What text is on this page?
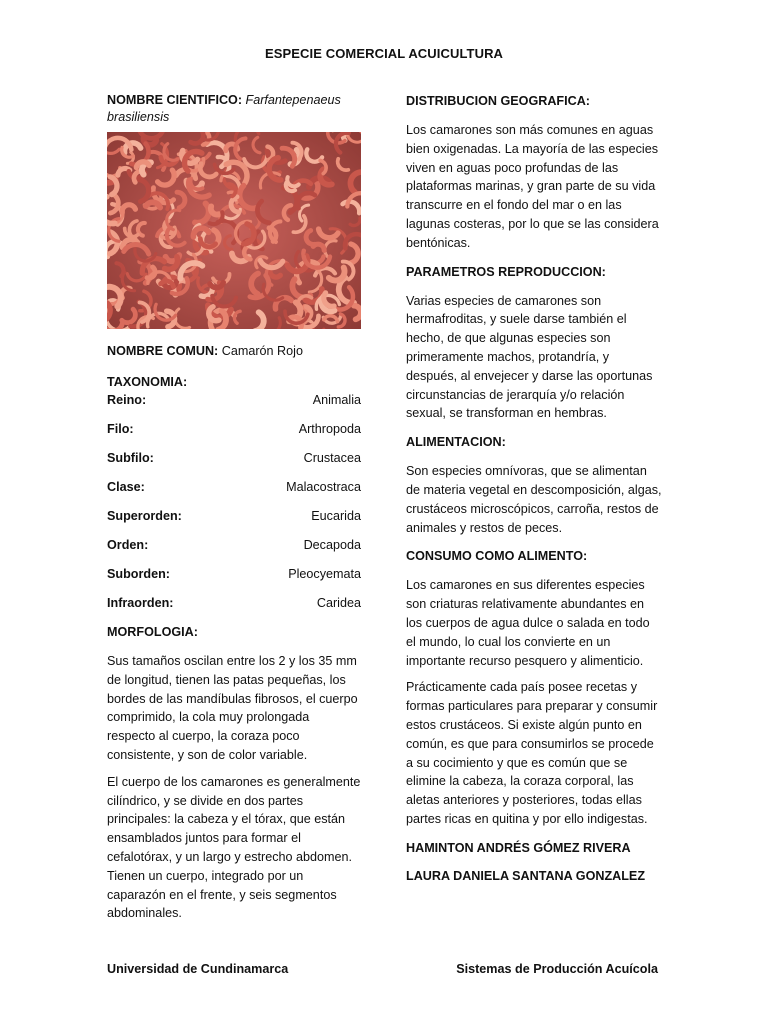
ESPECIE COMERCIAL ACUICULTURA

NOMBRE CIENTIFICO: Farfantepenaeus brasiliensis

NOMBRE COMUN: Camarón Rojo

TAXONOMIA:

Reino:	Animalia
Filo:	Arthropoda
Subfilo:	Crustacea
Clase:	Malacostraca
Superorden:	Eucarida
Orden:	Decapoda
Suborden:	Pleocyemata
Infraorden:	Caridea

MORFOLOGIA:

Sus tamaños oscilan entre los 2 y los 35 mm de longitud, tienen las patas pequeñas, los bordes de las mandíbulas fibrosos, el cuerpo comprimido, la cola muy prolongada respecto al cuerpo, la coraza poco consistente, y son de color variable.

El cuerpo de los camarones es generalmente cilíndrico, y se divide en dos partes principales: la cabeza y el tórax, que están ensamblados juntos para formar el cefalotórax, y un largo y estrecho abdomen. Tienen un cuerpo, integrado por un caparazón en el frente, y seis segmentos abdominales.

DISTRIBUCION GEOGRAFICA:

Los camarones son más comunes en aguas bien oxigenadas. La mayoría de las especies viven en aguas poco profundas de las plataformas marinas, y gran parte de su vida transcurre en el fondo del mar o en las lagunas costeras, por lo que se las considera bentónicas.

PARAMETROS REPRODUCCION:

Varias especies de camarones son hermafroditas, y suele darse también el hecho, de que algunas especies son primeramente machos, protandría, y después, al envejecer y darse las oportunas circunstancias de jerarquía y/o relación sexual, se transforman en hembras.

ALIMENTACION:

Son especies omnívoras, que se alimentan de materia vegetal en descomposición, algas, crustáceos microscópicos, carroña, restos de animales y restos de peces.

CONSUMO COMO ALIMENTO:

Los camarones en sus diferentes especies son criaturas relativamente abundantes en los cuerpos de agua dulce o salada en todo el mundo, lo cual los convierte en un importante recurso pesquero y alimenticio.

Prácticamente cada país posee recetas y formas particulares para preparar y consumir estos crustáceos. Si existe algún punto en común, es que para consumirlos se procede a su cocimiento y que es común que se elimine la cabeza, la coraza corporal, las aletas anteriores y posteriores, todas ellas partes ricas en quitina y por ello indigestas.

HAMINTON ANDRÉS GÓMEZ RIVERA

LAURA DANIELA SANTANA GONZALEZ

Universidad de Cundinamarca	Sistemas de Producción Acuícola
